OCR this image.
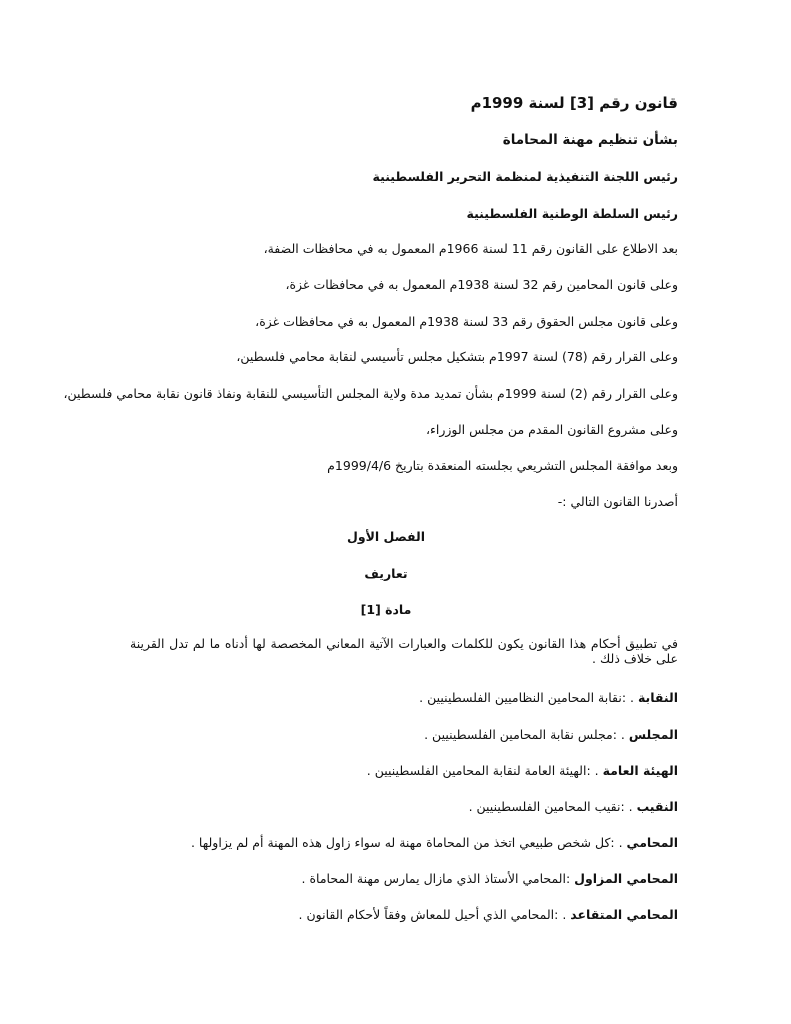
قانون رقم [3] لسنة 1999م
بشأن تنظيم مهنة المحاماة
رئيس اللجنة التنفيذية لمنظمة التحرير الفلسطينية
رئيس السلطة الوطنية الفلسطينية
بعد الاطلاع على القانون رقم 11 لسنة 1966م المعمول به في محافظات الضفة،
وعلى قانون المحامين رقم 32 لسنة 1938م المعمول به في محافظات غزة،
وعلى قانون مجلس الحقوق رقم 33 لسنة 1938م المعمول به في محافظات غزة،
وعلى القرار رقم (78) لسنة 1997م بتشكيل مجلس تأسيسي لنقابة محامي فلسطين،
وعلى القرار رقم (2) لسنة 1999م بشأن تمديد مدة ولاية المجلس التأسيسي للنقابة ونفاذ قانون نقابة محامي فلسطين،
وعلى مشروع القانون المقدم من مجلس الوزراء،
وبعد موافقة المجلس التشريعي بجلسته المنعقدة بتاريخ 1999/4/6م
أصدرنا القانون التالي :-
الفصل الأول
تعاريف
مادة [1]
في تطبيق أحكام هذا القانون يكون للكلمات والعبارات الآتية المعاني المخصصة لها أدناه ما لم تدل القرينة على خلاف ذلك .
النقابة . :نقابة المحامين النظاميين الفلسطينيين .
المجلس . :مجلس نقابة المحامين الفلسطينيين .
الهيئة العامة . :الهيئة العامة لنقابة المحامين الفلسطينيين .
النقيب . :نقيب المحامين الفلسطينيين .
المحامي . :كل شخص طبيعي اتخذ من المحاماة مهنة له سواء زاول هذه المهنة أم لم يزاولها .
المحامي المزاول :المحامي الأستاذ الذي مازال يمارس مهنة المحاماة .
المحامي المتقاعد . :المحامي الذي أحيل للمعاش وفقاً لأحكام القانون .
